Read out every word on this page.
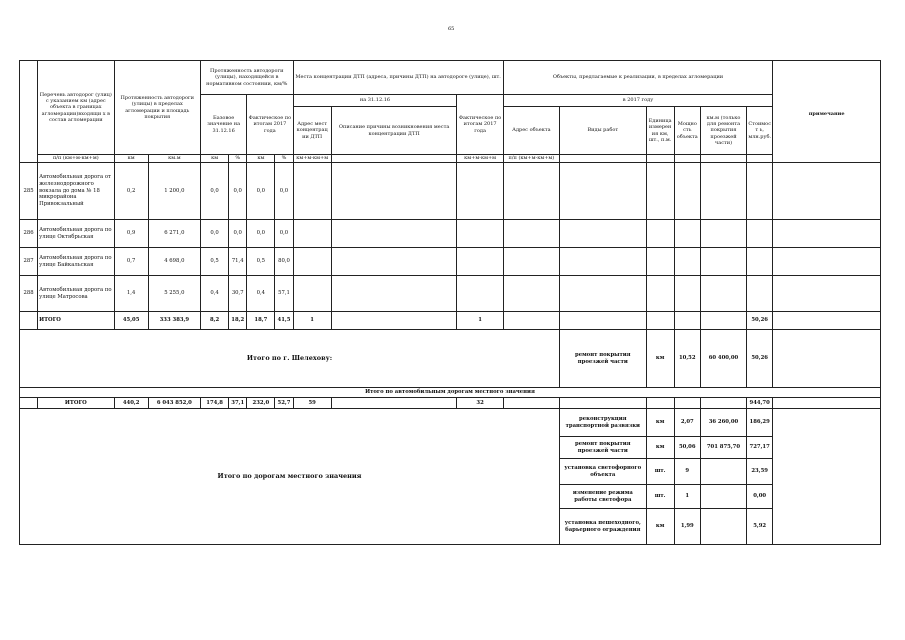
65
	Перечень автодорог (улиц) с указанием км (адрес объекта в границах агломерации)входящи х в состав агломерации	Протяженность автодороги (улицы) в пределах агломерации и площадь покрытия		Протяженность автодороги (улицы), находящейся в нормативном состоянии, км/%				Места концентрации ДТП (адреса, причины ДТП) на автодороге (улице), шт.			Объекты, предлагаемые к реализации, в пределах агломерации						примечание
				Базовое значение на 31.12.16		Фактическое по итогам 2017 года		на 31.12.16		Фактическое по итогам 2017 года	в 2017 году						
								Адрес мест концентрац ии ДТП	Описание причины возникновения места концентрации ДТП		Адрес объекта	Виды работ	Единица измерения км, шт., п.м.	Мощно сть объекта	км.м (только для ремонта покрытия проезжей части)	Стоимост ь, млн.руб.	
	п/п (км+м-км+м)	км	км.м	км	%	км	%	км+м-км+м		км+м-км+м	п/п (км+м-км+м)						
285	Автомобильная дорога от железнодорожного вокзала до дома № 18 микрорайона Привокзальный	0,2	1 200,0	0,0	0,0	0,0	0,0										
286	Автомобильная дорога по улице Октябрьская	0,9	6 271,0	0,0	0,0	0,0	0,0										
287	Автомобильная дорога по улице Байкальская	0,7	4 698,0	0,5	71,4	0,5	80,0										
288	Автомобильная дорога по улице Матросова	1,4	5 255,0	0,4	30,7	0,4	57,1										
	ИТОГО	45,05	333 383,9	8,2	18,2	18,7	41,5	1		1						50,26	
Итого по г. Шелехову:												ремонт покрытия проезжей части	км	10,52	60 400,00	50,26	
Итого по автомобильным дорогам местного значения																	
	ИТОГО	440,2	6 043 852,0	174,8	37,1	232,0	52,7	59		32						944,70	
Итого по дорогам местного значения												реконструкция транспортной развязки	км	2,07	36 260,00	186,29	
												ремонт покрытия проезжей части	км	50,06	701 875,70	727,17	
												установка светофорного объекта	шт.	9		23,59	
												изменение режима работы светофора	шт.	1		0,00	
												установка пешеходного, барьерного ограждения	км	1,99		5,92	
